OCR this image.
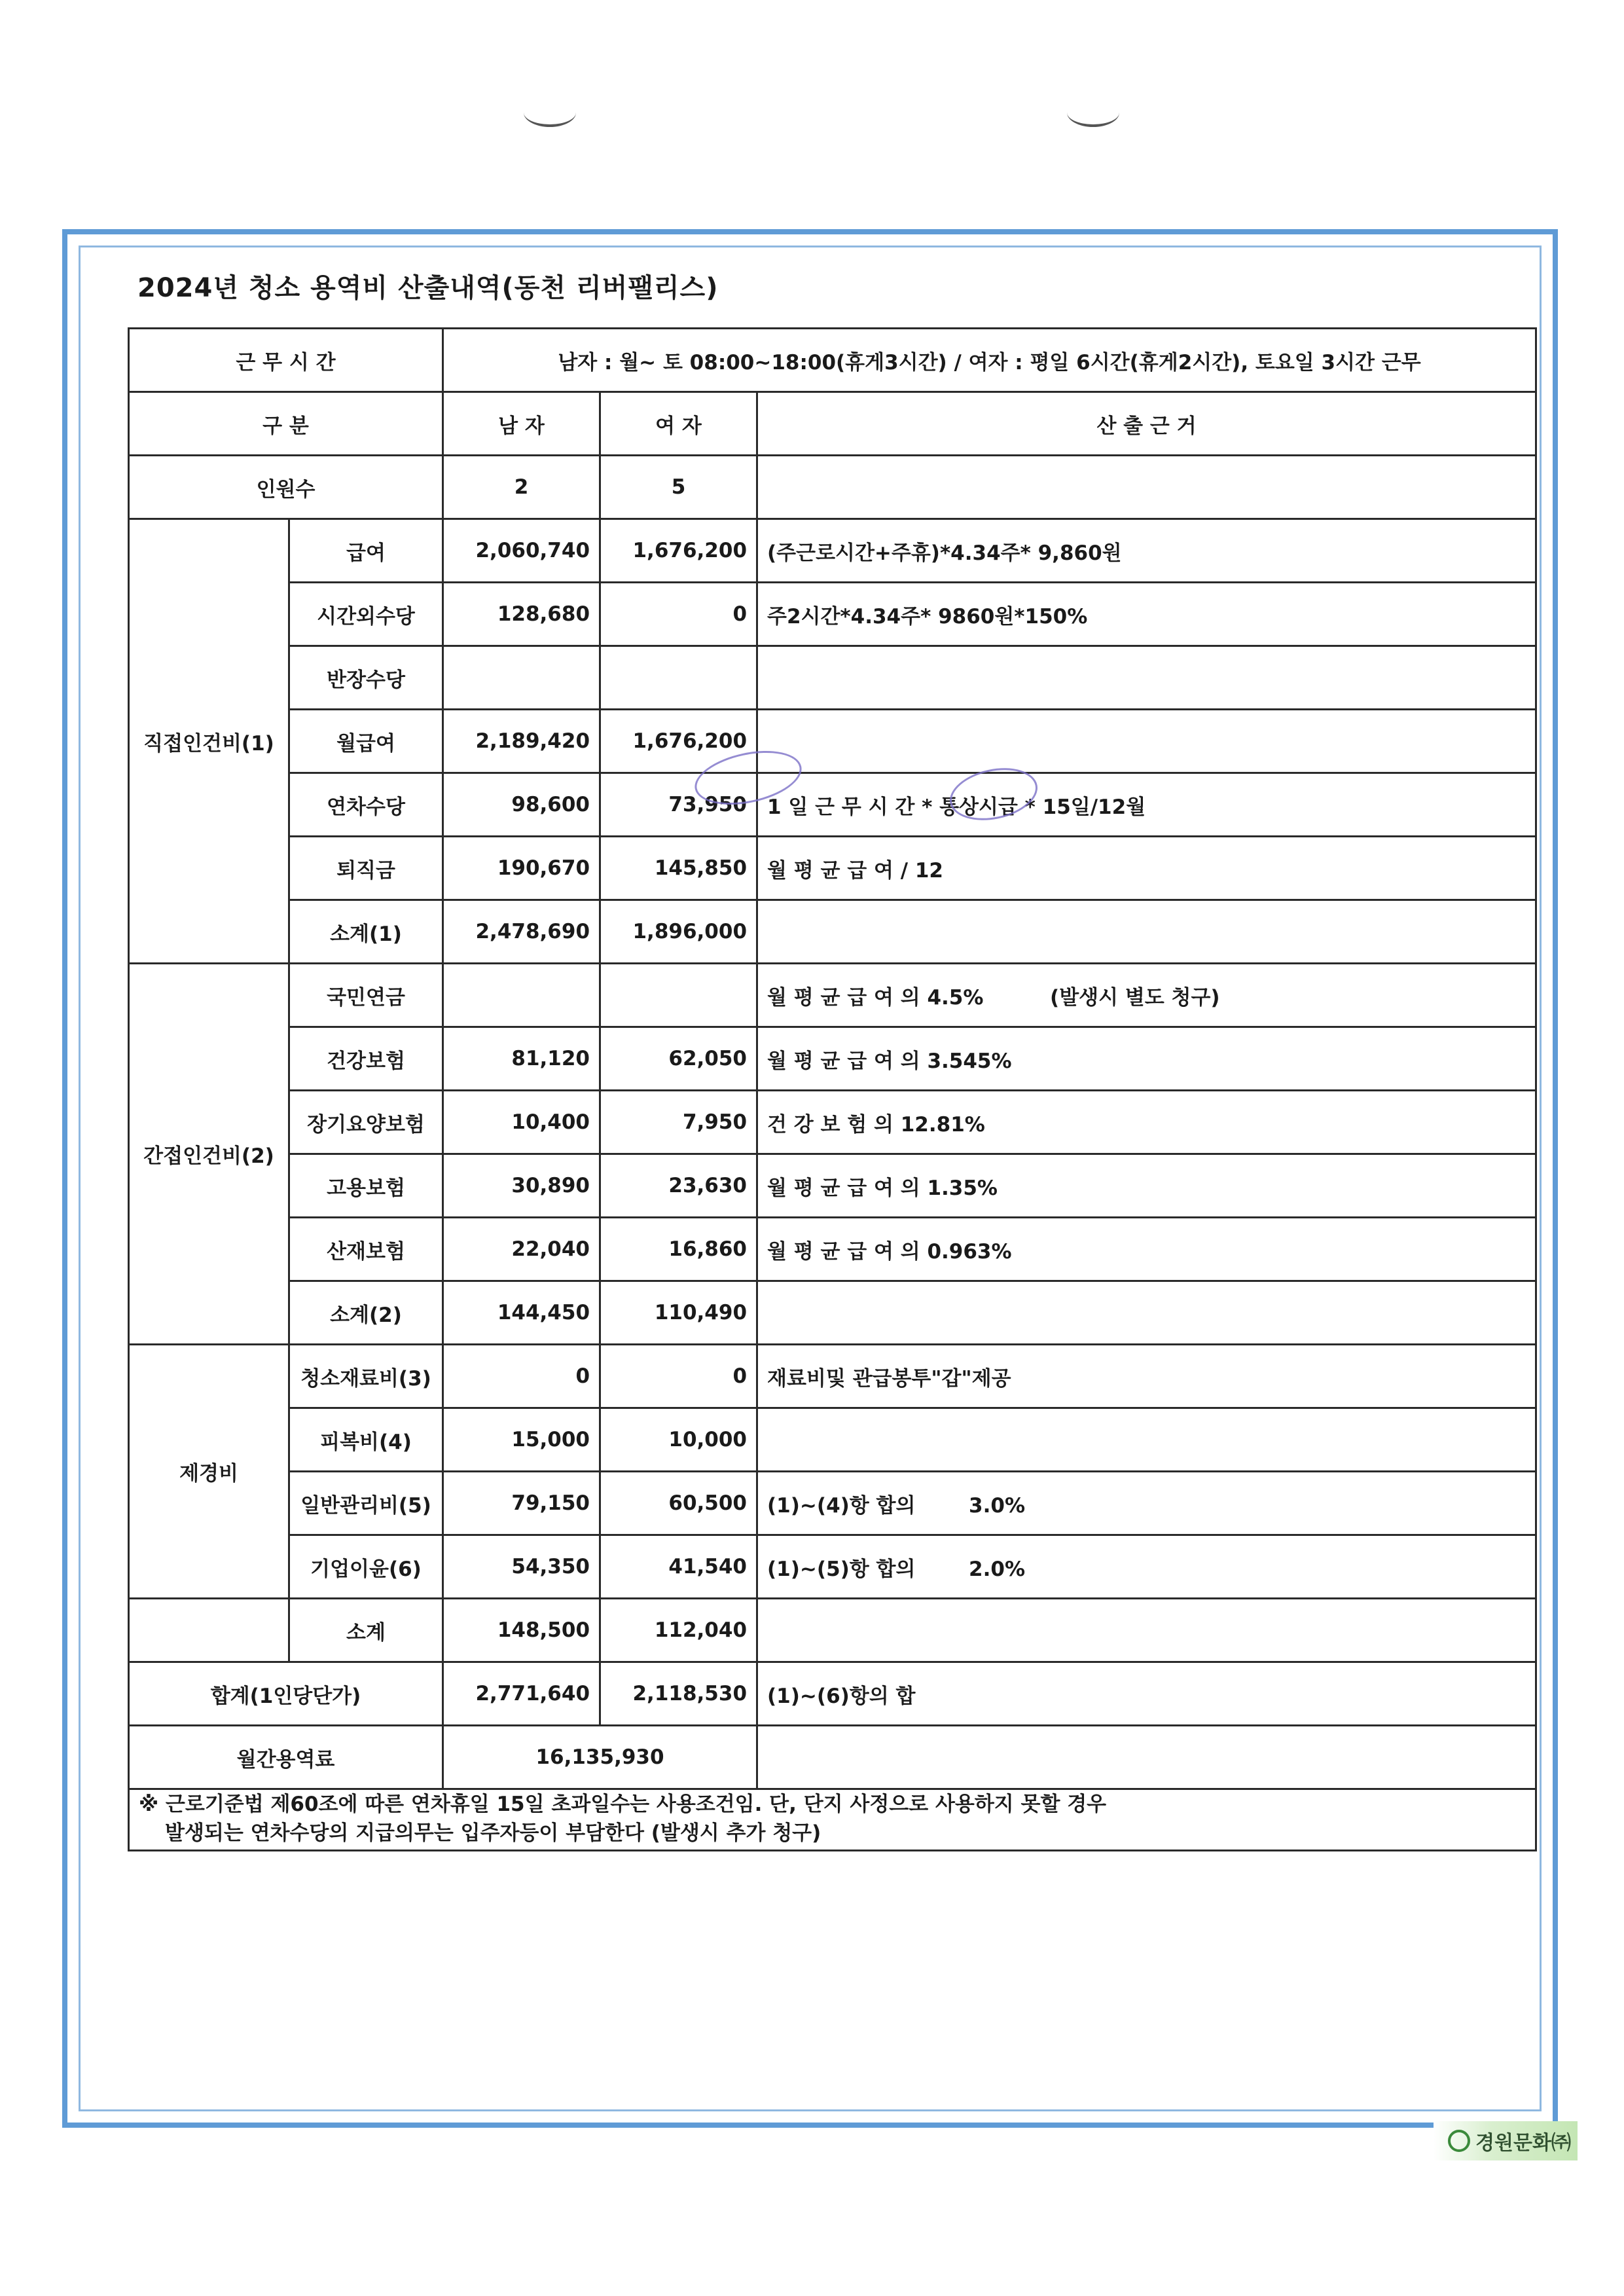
2024년 청소 용역비 산출내역(동천 리버팰리스)
근 무 시 간		남자 : 월~ 토 08:00~18:00(휴게3시간) / 여자 : 평일 6시간(휴게2시간), 토요일 3시간 근무		
구 분		남 자	여 자	산 출 근 거
인원수		2	5	
직접인건비(1)	급여	2,060,740	1,676,200	(주근로시간+주휴)*4.34주* 9,860원
	시간외수당	128,680	0	주2시간*4.34주* 9860원*150%
	반장수당			
	월급여	2,189,420	1,676,200	
	연차수당	98,600	73,950	1 일 근 무 시 간 * 통상시급 * 15일/12월
	퇴직금	190,670	145,850	월 평 균 급 여 / 12
	소계(1)	2,478,690	1,896,000	
간접인건비(2)	국민연금			월 평 균 급 여 의 4.5% (발생시 별도 청구)
	건강보험	81,120	62,050	월 평 균 급 여 의 3.545%
	장기요양보험	10,400	7,950	건 강 보 험 의 12.81%
	고용보험	30,890	23,630	월 평 균 급 여 의 1.35%
	산재보험	22,040	16,860	월 평 균 급 여 의 0.963%
	소계(2)	144,450	110,490	
제경비	청소재료비(3)	0	0	재료비및 관급봉투"갑"제공
	피복비(4)	15,000	10,000	
	일반관리비(5)	79,150	60,500	(1)~(4)항 합의 3.0%
	기업이윤(6)	54,350	41,540	(1)~(5)항 합의 2.0%
	소계	148,500	112,040	
합계(1인당단가)		2,771,640	2,118,530	(1)~(6)항의 합
월간용역료		16,135,930		

※ 근로기준법 제60조에 따른 연차휴일 15일 초과일수는 사용조건임. 단, 단지 사정으로 사용하지 못할 경우
발생되는 연차수당의 지급의무는 입주자등이 부담한다 (발생시 추가 청구)				
경원문화㈜
